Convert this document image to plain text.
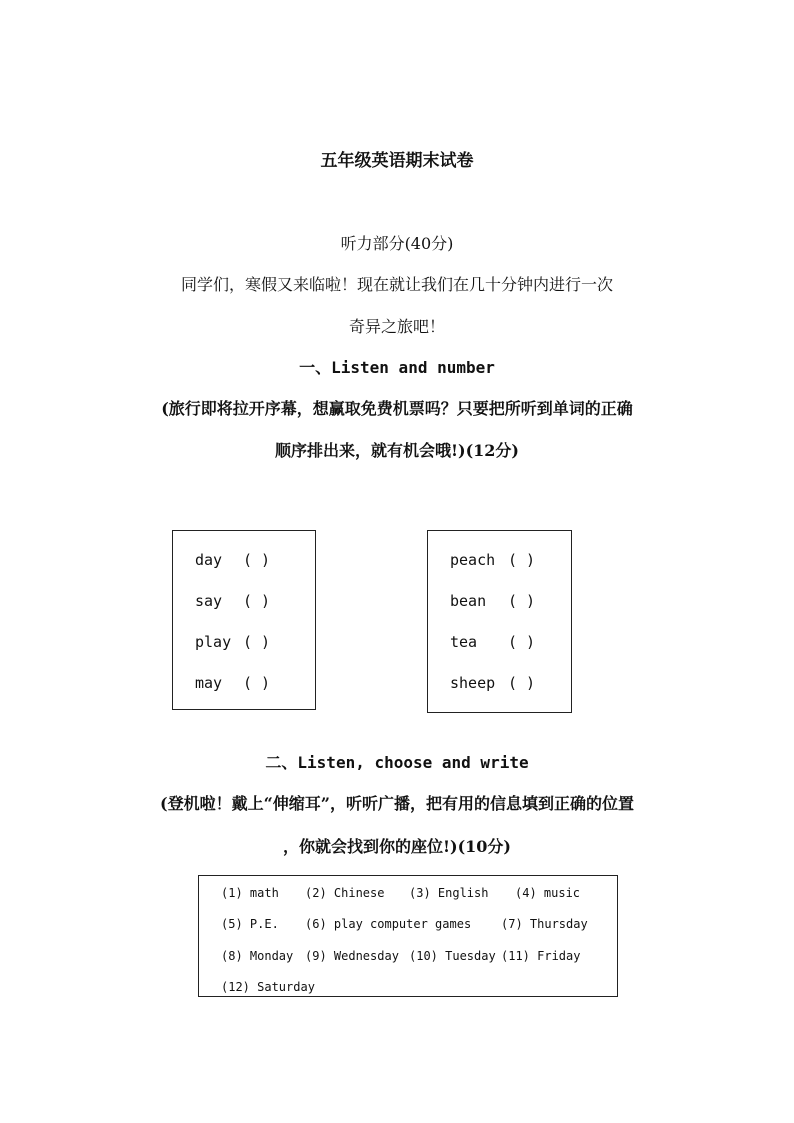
五年级英语期末试卷
听力部分(40分)
同学们，寒假又来临啦！现在就让我们在几十分钟内进行一次
奇异之旅吧！
一、Listen and number
(旅行即将拉开序幕，想赢取免费机票吗？只要把所听到单词的正确
顺序排出来，就有机会哦!)(12分)
day ( )
say ( )
play ( )
may ( )
peach ( )
bean ( )
tea ( )
sheep ( )
二、Listen, choose and write
(登机啦！戴上“伸缩耳”，听听广播，把有用的信息填到正确的位置
，你就会找到你的座位!)(10分)
(1) math (2) Chinese (3) English (4) music
(5) P.E. (6) play computer games (7) Thursday
(8) Monday (9) Wednesday (10) Tuesday (11) Friday
(12) Saturday
